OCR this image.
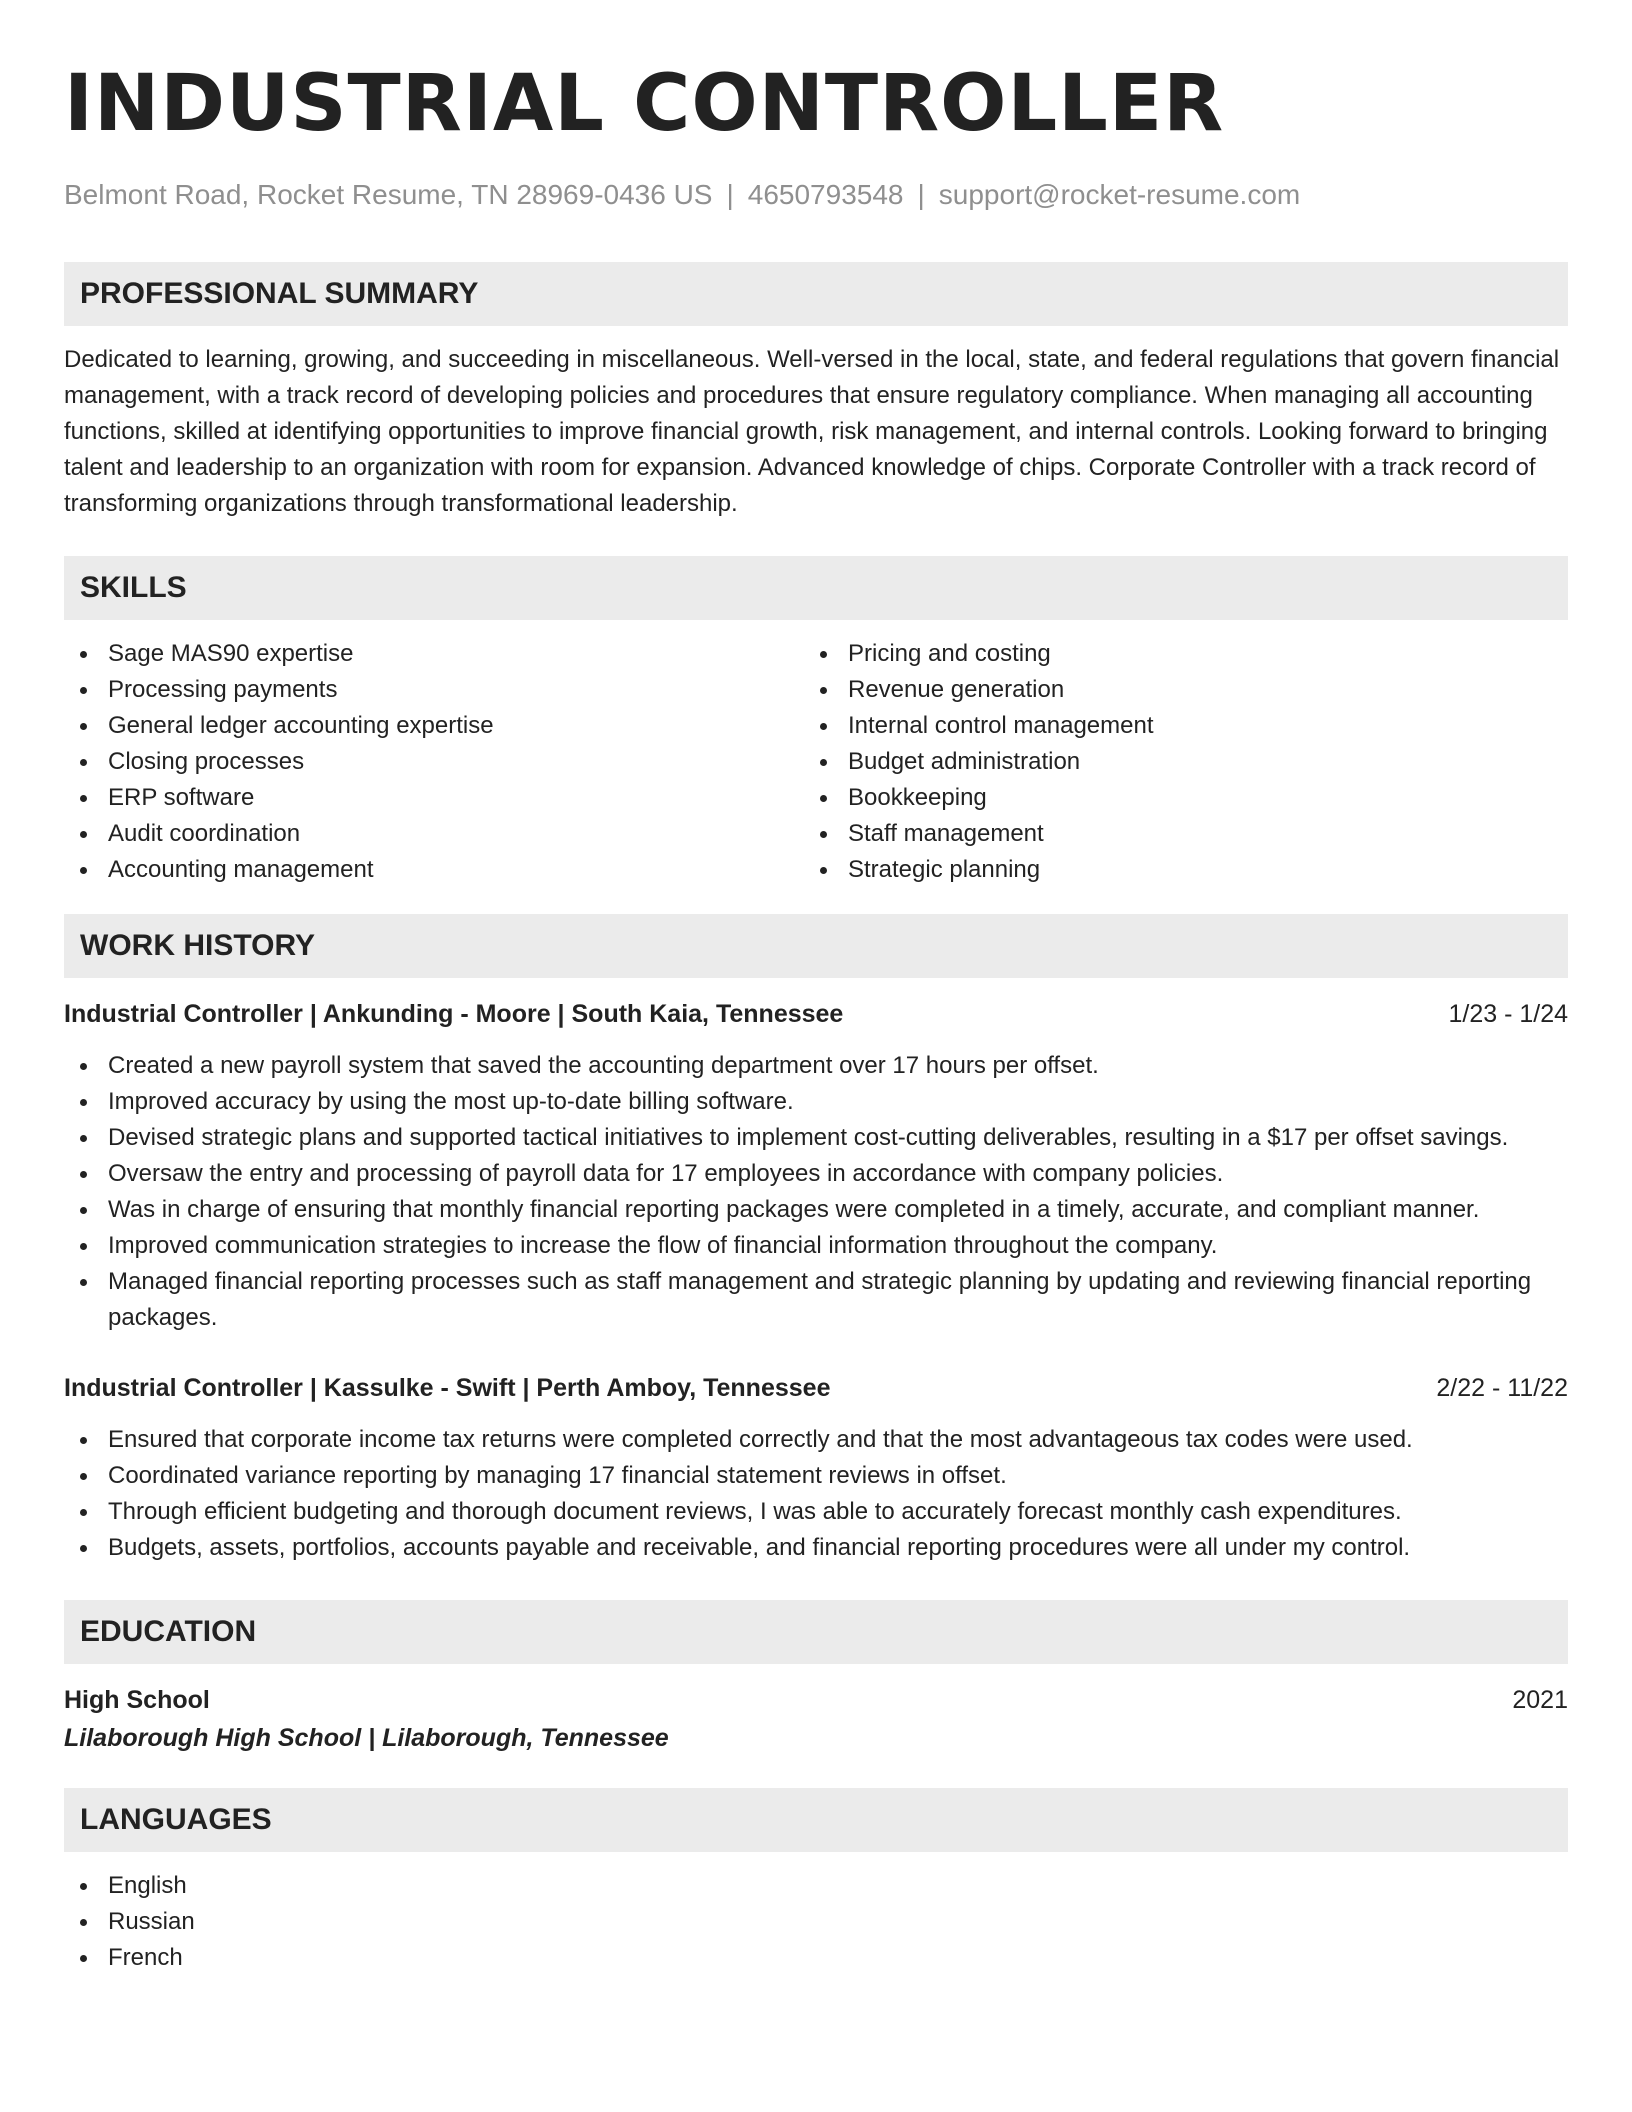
INDUSTRIAL CONTROLLER
Belmont Road, Rocket Resume, TN 28969-0436 US | 4650793548 | support@rocket-resume.com
PROFESSIONAL SUMMARY

Dedicated to learning, growing, and succeeding in miscellaneous. Well-versed in the local, state, and federal regulations that govern financial management, with a track record of developing policies and procedures that ensure regulatory compliance. When managing all accounting functions, skilled at identifying opportunities to improve financial growth, risk management, and internal controls. Looking forward to bringing talent and leadership to an organization with room for expansion. Advanced knowledge of chips. Corporate Controller with a track record of transforming organizations through transformational leadership.

SKILLS
Sage MAS90 expertise
Processing payments
General ledger accounting expertise
Closing processes
ERP software
Audit coordination
Accounting management
Pricing and costing
Revenue generation
Internal control management
Budget administration
Bookkeeping
Staff management
Strategic planning
WORK HISTORY
Industrial Controller | Ankunding - Moore | South Kaia, Tennessee	1/23 - 1/24
Created a new payroll system that saved the accounting department over 17 hours per offset.
Improved accuracy by using the most up-to-date billing software.
Devised strategic plans and supported tactical initiatives to implement cost-cutting deliverables, resulting in a $17 per offset savings.
Oversaw the entry and processing of payroll data for 17 employees in accordance with company policies.
Was in charge of ensuring that monthly financial reporting packages were completed in a timely, accurate, and compliant manner.
Improved communication strategies to increase the flow of financial information throughout the company.
Managed financial reporting processes such as staff management and strategic planning by updating and reviewing financial reporting packages.
Industrial Controller | Kassulke - Swift | Perth Amboy, Tennessee	2/22 - 11/22
Ensured that corporate income tax returns were completed correctly and that the most advantageous tax codes were used.
Coordinated variance reporting by managing 17 financial statement reviews in offset.
Through efficient budgeting and thorough document reviews, I was able to accurately forecast monthly cash expenditures.
Budgets, assets, portfolios, accounts payable and receivable, and financial reporting procedures were all under my control.
EDUCATION
High School	2021
Lilaborough High School | Lilaborough, Tennessee
LANGUAGES
English
Russian
French
